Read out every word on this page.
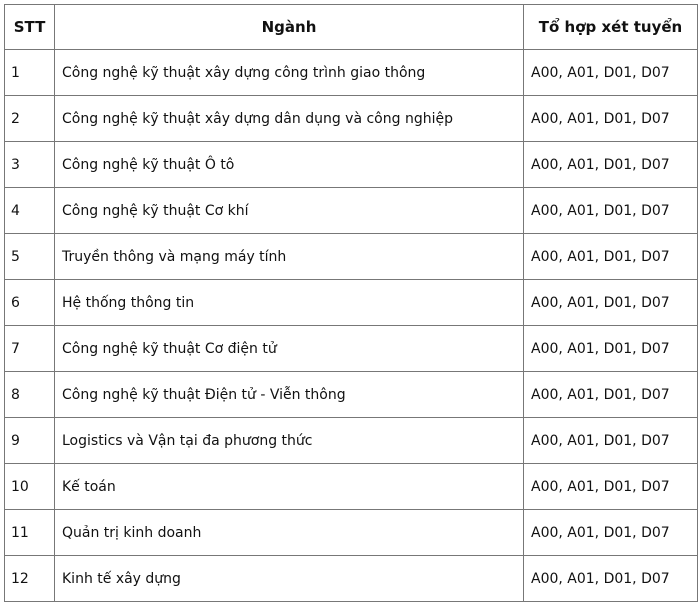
STT	Ngành	Tổ hợp xét tuyển
1	Công nghệ kỹ thuật xây dựng công trình giao thông	A00, A01, D01, D07
2	Công nghệ kỹ thuật xây dựng dân dụng và công nghiệp	A00, A01, D01, D07
3	Công nghệ kỹ thuật Ô tô	A00, A01, D01, D07
4	Công nghệ kỹ thuật Cơ khí	A00, A01, D01, D07
5	Truyền thông và mạng máy tính	A00, A01, D01, D07
6	Hệ thống thông tin	A00, A01, D01, D07
7	Công nghệ kỹ thuật Cơ điện tử	A00, A01, D01, D07
8	Công nghệ kỹ thuật Điện tử - Viễn thông	A00, A01, D01, D07
9	Logistics và Vận tại đa phương thức	A00, A01, D01, D07
10	Kế toán	A00, A01, D01, D07
11	Quản trị kinh doanh	A00, A01, D01, D07
12	Kinh tế xây dựng	A00, A01, D01, D07
